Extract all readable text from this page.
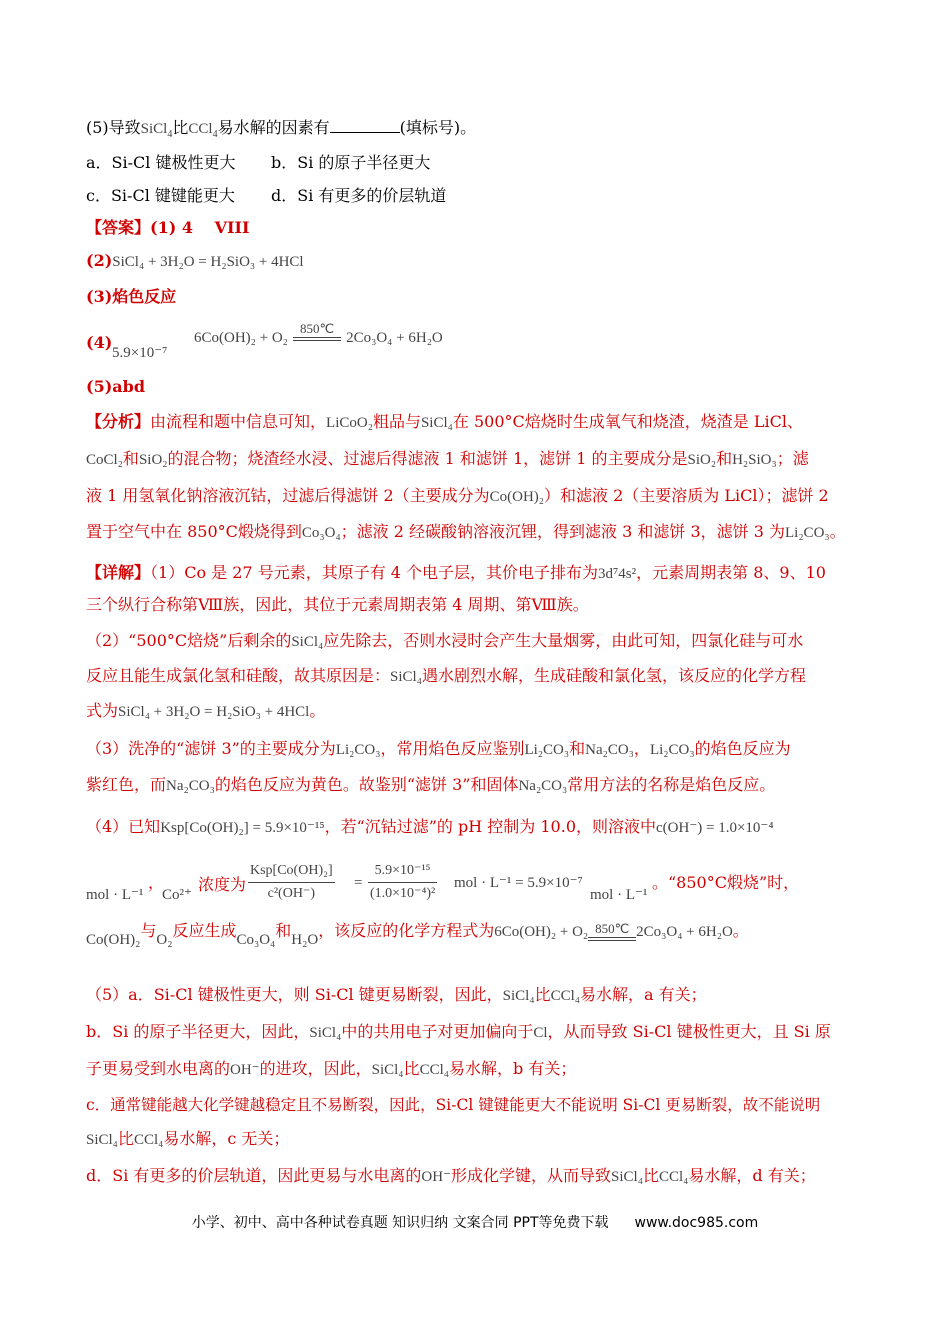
(5)导致SiCl$_4$比CCl$_4$易水解的因素有	(填标号)。
a．Si-Cl 键极性更大 b．Si 的原子半径更大
c．Si-Cl 键键能更大 d．Si 有更多的价层轨道
【答案】(1) 4　 VIII
(2)SiCl₄ + 3H₂O = H₂SiO₃ + 4HCl
(3)焰色反应
(4)
5.9×10⁻⁷
6Co(OH)₂ + O₂
850℃
2Co₃O₄ + 6H₂O
(5)abd
【分析】由流程和题中信息可知，LiCoO₂粗品与SiCl₄在 500°C焙烧时生成氧气和烧渣，烧渣是 LiCl、
CoCl₂和SiO₂的混合物；烧渣经水浸、过滤后得滤液 1 和滤饼 1，滤饼 1 的主要成分是SiO₂和H₂SiO₃；滤
液 1 用氢氧化钠溶液沉钴，过滤后得滤饼 2（主要成分为Co(OH)₂）和滤液 2（主要溶质为 LiCl）；滤饼 2
置于空气中在 850°C煅烧得到Co₃O₄；滤液 2 经碳酸钠溶液沉锂，得到滤液 3 和滤饼 3，滤饼 3 为Li₂CO₃。
【详解】（1）Co 是 27 号元素，其原子有 4 个电子层，其价电子排布为3d⁷4s²，元素周期表第 8、9、10
三个纵行合称第Ⅷ族，因此，其位于元素周期表第 4 周期、第Ⅷ族。
（2）“500°C焙烧”后剩余的SiCl₄应先除去，否则水浸时会产生大量烟雾，由此可知，四氯化硅与可水
反应且能生成氯化氢和硅酸，故其原因是：SiCl₄遇水剧烈水解，生成硅酸和氯化氢，该反应的化学方程
式为SiCl₄ + 3H₂O = H₂SiO₃ + 4HCl。
（3）洗净的“滤饼 3”的主要成分为Li₂CO₃，常用焰色反应鉴别Li₂CO₃和Na₂CO₃，Li₂CO₃的焰色反应为
紫红色，而Na₂CO₃的焰色反应为黄色。故鉴别“滤饼 3”和固体Na₂CO₃常用方法的名称是焰色反应。
（4）已知Ksp[Co(OH)₂] = 5.9×10⁻¹⁵，若“沉钴过滤”的 pH 控制为 10.0，则溶液中c(OH⁻) = 1.0×10⁻⁴
mol · L⁻¹
，
Co²⁺
浓度为
Ksp[Co(OH)₂]
c²(OH⁻)
= $\frac{\text{5.9×10⁻¹⁵}}{\text{(1.0×10⁻⁴)²}}$ mol · L⁻¹ = 5.9×10⁻⁷
mol · L⁻¹
。“850°C煅烧”时，
Co(OH)₂与O₂反应生成Co₃O₄和H₂O，该反应的化学方程式为6Co(OH)₂ + O₂ 850℃ 2Co₃O₄ + 6H₂O。
（5）a．Si-Cl 键极性更大，则 Si-Cl 键更易断裂，因此，SiCl₄比CCl₄易水解，a 有关；
b．Si 的原子半径更大，因此，SiCl₄中的共用电子对更加偏向于Cl，从而导致 Si-Cl 键极性更大，且 Si 原
子更易受到水电离的OH⁻的进攻，因此，SiCl₄比CCl₄易水解，b 有关；
c．通常键能越大化学键越稳定且不易断裂，因此，Si-Cl 键键能更大不能说明 Si-Cl 更易断裂，故不能说明
SiCl₄比CCl₄易水解，c 无关；
d．Si 有更多的价层轨道，因此更易与水电离的OH⁻形成化学键，从而导致SiCl₄比CCl₄易水解，d 有关；
小学、初中、高中各种试卷真题 知识归纳 文案合同 PPT等免费下载 www.doc985.com
